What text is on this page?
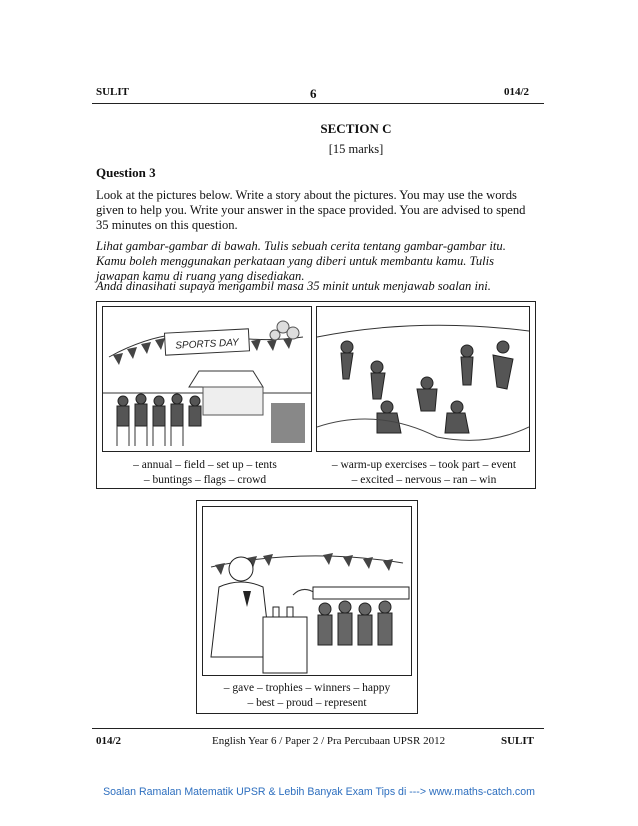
SULIT	6	014/2
SECTION C
[15 marks]
Question 3
Look at the pictures below. Write a story about the pictures. You may use the words given to help you. Write your answer in the space provided. You are advised to spend 35 minutes on this question.
Lihat gambar-gambar di bawah. Tulis sebuah cerita tentang gambar-gambar itu. Kamu boleh menggunakan perkataan yang diberi untuk membantu kamu. Tulis jawapan kamu di ruang yang disediakan.
Anda dinasihati supaya mengambil masa 35 minit untuk menjawab soalan ini.
SPORTS DAY
– annual – field – set up – tents
– buntings – flags – crowd
– warm-up exercises – took part – event
– excited – nervous – ran – win
– gave – trophies – winners – happy
– best – proud – represent
014/2	English Year 6 / Paper 2 / Pra Percubaan UPSR 2012	SULIT
Soalan Ramalan Matematik UPSR & Lebih Banyak Exam Tips di ---> www.maths-catch.com
